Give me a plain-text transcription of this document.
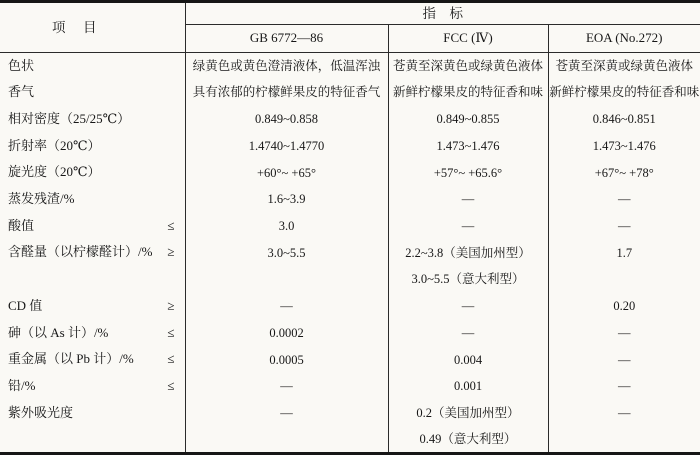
项　目	指　标		
	GB 6772—86	FCC (Ⅳ)	EOA (No.272)

色状	绿黄色或黄色澄清液体，低温浑浊	苍黄至深黄色或绿黄色液体	苍黄至深黄或绿黄色液体

香气	具有浓郁的柠檬鲜果皮的特征香气	新鲜柠檬果皮的特征香和味	新鲜柠檬果皮的特征香和味

相对密度（25/25℃）	0.849~0.858	0.849~0.855	0.846~0.851

折射率（20℃）	1.4740~1.4770	1.473~1.476	1.473~1.476

旋光度（20℃）	+60°~ +65°	+57°~ +65.6°	+67°~ +78°

蒸发残渣/%	1.6~3.9	—	—

酸值 ≤	3.0	—	—

含醛量（以柠檬醛计）/% ≥	3.0~5.5	2.2~3.8（美国加州型）	1.7

		3.0~5.5（意大利型）	

CD 值 ≥	—	—	0.20

砷（以 As 计）/% ≤	0.0002	—	—

重金属（以 Pb 计）/% ≤	0.0005	0.004	—

铅/% ≤	—	0.001	—

紫外吸光度	—	0.2（美国加州型）	—

		0.49（意大利型）	
